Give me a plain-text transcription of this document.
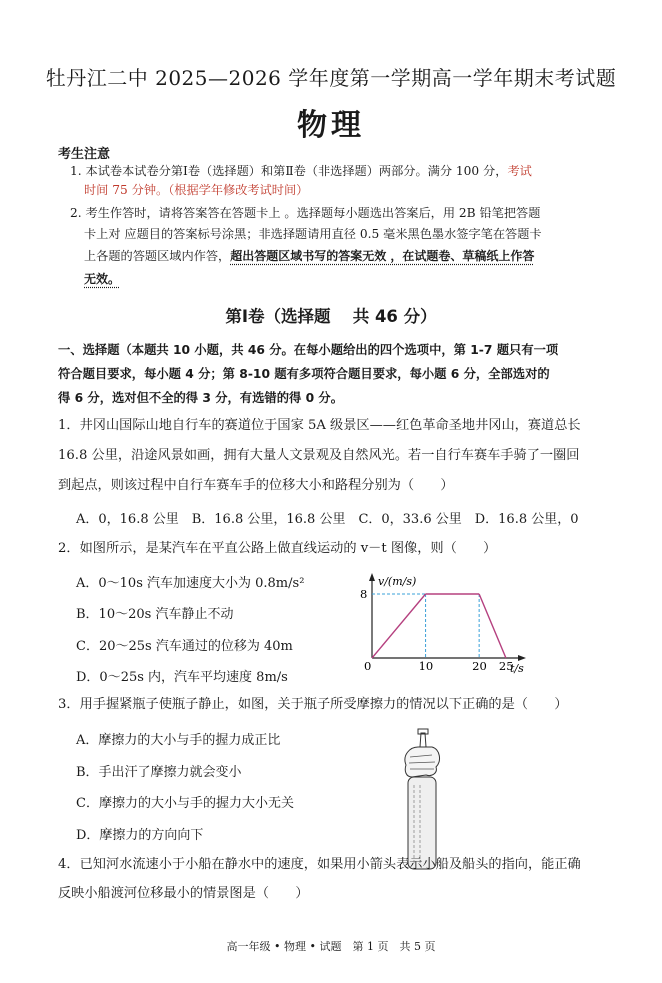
牡丹江二中 2025—2026 学年度第一学期高一学年期末考试题
物理
考生注意
1. 本试卷本试卷分第Ⅰ卷（选择题）和第Ⅱ卷（非选择题）两部分。满分 100 分，考试
时间 75 分钟。（根据学年修改考试时间）
2. 考生作答时，请将答案答在答题卡上 。选择题每小题选出答案后，用 2B 铅笔把答题
卡上对 应题目的答案标号涂黑；非选择题请用直径 0.5 毫米黑色墨水签字笔在答题卡
上各题的答题区域内作答，超出答题区域书写的答案无效 ，在试题卷、草稿纸上作答
无效。
第Ⅰ卷（选择题　 共 46 分）
一、选择题（本题共 10 小题，共 46 分。在每小题给出的四个选项中，第 1-7 题只有一项
符合题目要求，每小题 4 分；第 8-10 题有多项符合题目要求，每小题 6 分，全部选对的
得 6 分，选对但不全的得 3 分，有选错的得 0 分。
1．井冈山国际山地自行车的赛道位于国家 5A 级景区——红色革命圣地井冈山，赛道总长
16.8 公里，沿途风景如画，拥有大量人文景观及自然风光。若一自行车赛车手骑了一圈回
到起点，则该过程中自行车赛车手的位移大小和路程分别为（　　）
A．0，16.8 公里　B．16.8 公里，16.8 公里　C．0，33.6 公里　D．16.8 公里，0
2．如图所示，是某汽车在平直公路上做直线运动的 v－t 图像，则（　　）
A．0～10s 汽车加速度大小为 0.8m/s²
B．10～20s 汽车静止不动
C．20～25s 汽车通过的位移为 40m
D．0～25s 内，汽车平均速度 8m/s
v/(m/s)
t/s
0	10	20 25
8
3．用手握紧瓶子使瓶子静止，如图，关于瓶子所受摩擦力的情况以下正确的是（　　）
A．摩擦力的大小与手的握力成正比
B．手出汗了摩擦力就会变小
C．摩擦力的大小与手的握力大小无关
D．摩擦力的方向向下
4．已知河水流速小于小船在静水中的速度，如果用小箭头表示小船及船头的指向，能正确
反映小船渡河位移最小的情景图是（　　）
高一年级 • 物理 • 试题　第 1 页　共 5 页
